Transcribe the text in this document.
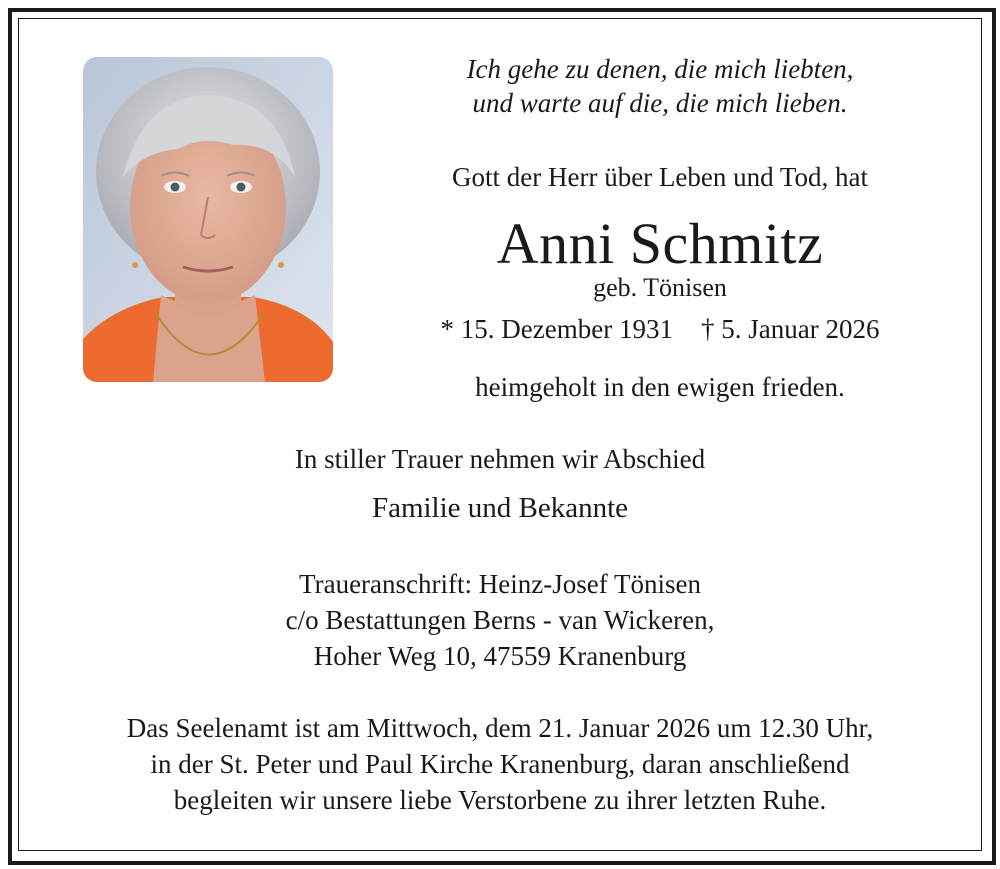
Ich gehe zu denen, die mich liebten,
und warte auf die, die mich lieben.

Gott der Herr über Leben und Tod, hat

Anni Schmitz

geb. Tönisen

* 15. Dezember 1931 † 5. Januar 2026

heimgeholt in den ewigen frieden.

In stiller Trauer nehmen wir Abschied

Familie und Bekannte

Traueranschrift: Heinz-Josef Tönisen
c/o Bestattungen Berns - van Wickeren,
Hoher Weg 10, 47559 Kranenburg

Das Seelenamt ist am Mittwoch, dem 21. Januar 2026 um 12.30 Uhr,
in der St. Peter und Paul Kirche Kranenburg, daran anschließend
begleiten wir unsere liebe Verstorbene zu ihrer letzten Ruhe.
